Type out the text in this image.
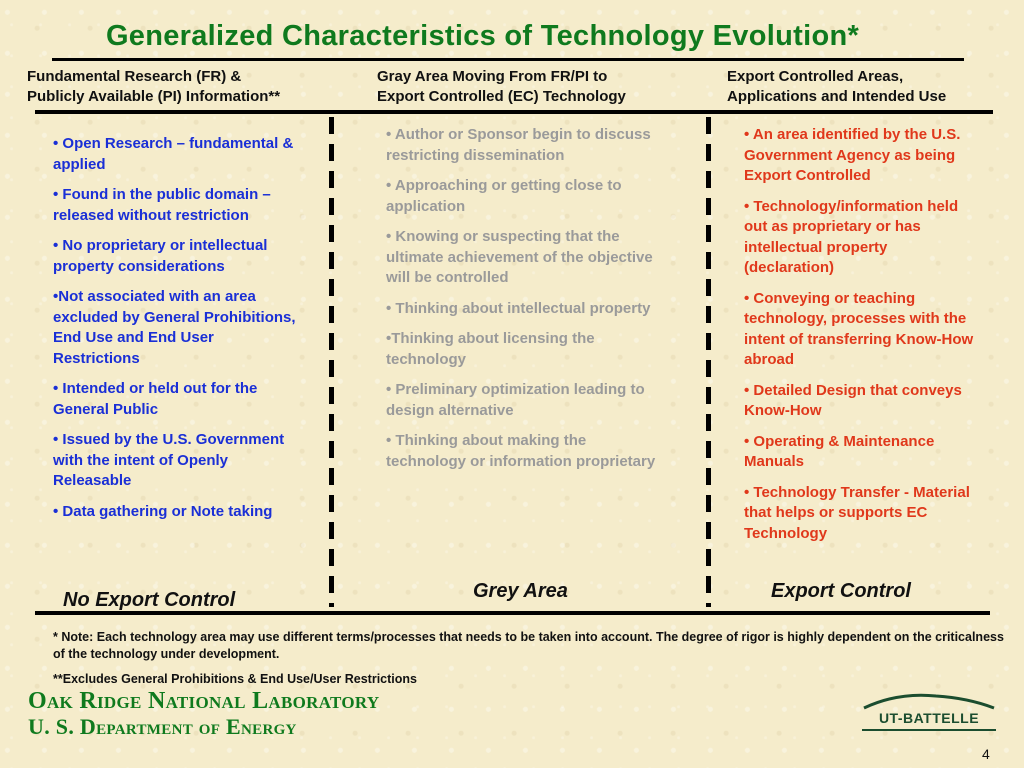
Generalized Characteristics of Technology Evolution*
Fundamental Research (FR) &
Publicly Available (PI) Information**
Gray Area Moving From FR/PI to
Export Controlled (EC) Technology
Export Controlled Areas,
Applications and Intended Use
• Open Research – fundamental & applied
• Found in the public domain – released without restriction
• No proprietary or intellectual property considerations
•Not associated with an area excluded by General Prohibitions, End Use and End User Restrictions
• Intended or held out for the General Public
• Issued by the U.S. Government with the intent of Openly Releasable
• Data gathering or Note taking
• Author or Sponsor begin to discuss restricting dissemination
• Approaching or getting close to application
• Knowing or suspecting that the ultimate achievement of the objective will be controlled
• Thinking about intellectual property
•Thinking about licensing the technology
• Preliminary optimization leading to design alternative
• Thinking about making the technology or information proprietary
• An area identified by the U.S. Government Agency as being Export Controlled
• Technology/information held out as proprietary or has intellectual property (declaration)
• Conveying or teaching technology, processes with the intent of transferring Know-How abroad
• Detailed Design that conveys Know-How
• Operating & Maintenance Manuals
• Technology Transfer - Material that helps or supports EC Technology
No Export Control	Grey Area	Export Control
* Note: Each technology area may use different terms/processes that needs to be taken into account. The degree of rigor is highly dependent on the criticalness of the technology under development.
**Excludes General Prohibitions & End Use/User Restrictions
Oak Ridge National Laboratory
U. S. Department of Energy	UT-BATTELLE
4
